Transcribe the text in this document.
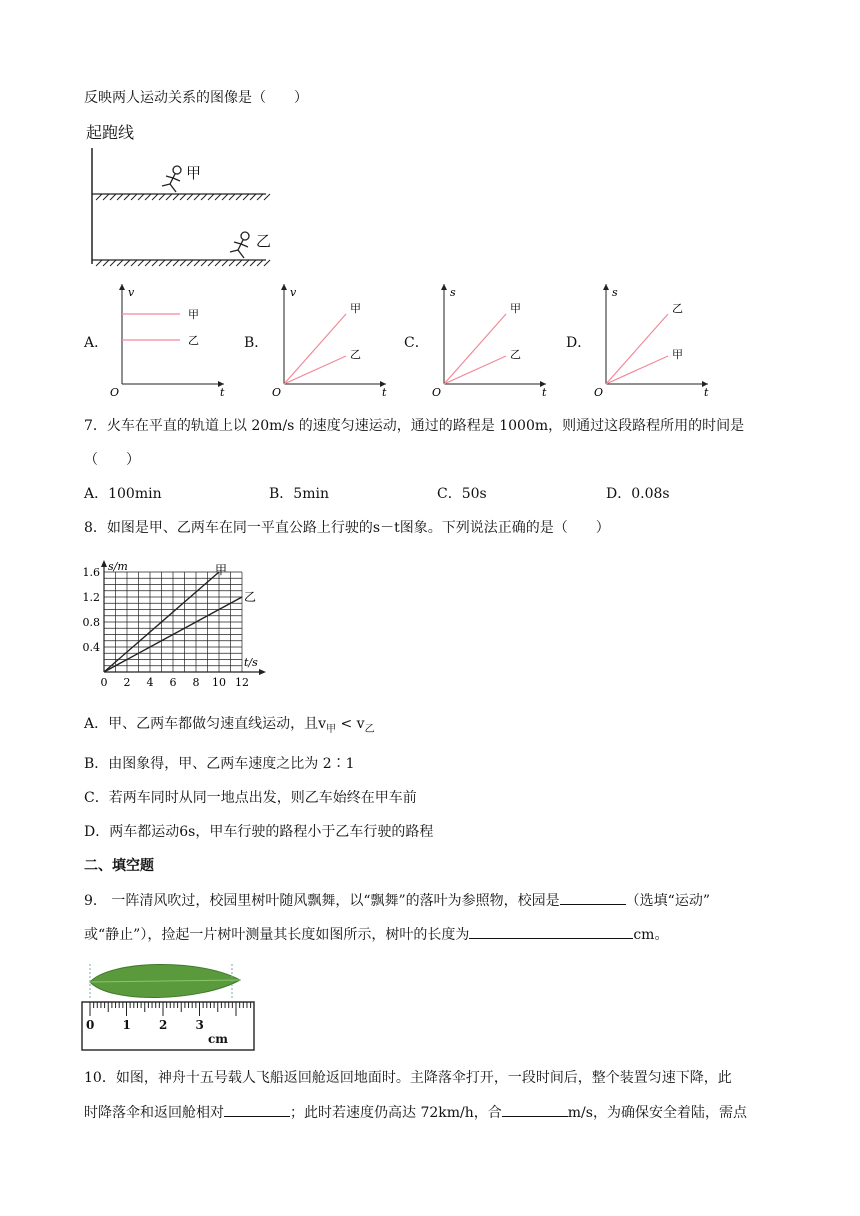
反映两人运动关系的图像是（　　）
起跑线
甲
乙
A．
t
v
O
甲
乙	B．
t
v
O
甲
乙
C．
t
s
O
甲
乙
D．
t
s
O
乙
甲
7．火车在平直的轨道上以 20m/s 的速度匀速运动，通过的路程是 1000m，则通过这段路程所用的时间是
（　　）
A．100min	B．5min	C．50s	D．0.08s
8．如图是甲、乙两车在同一平直公路上行驶的s－t图象。下列说法正确的是（　　）
0 2 4 6 8 10 12
0.4
0.8
1.2
1.6
t/s
s/m	甲
乙
A．甲、乙两车都做匀速直线运动，且$v_甲 < v_乙$
B．由图象得，甲、乙两车速度之比为 2∶1
C．若两车同时从同一地点出发，则乙车始终在甲车前
D．两车都运动6s，甲车行驶的路程小于乙车行驶的路程
二、填空题
9． 一阵清风吹过，校园里树叶随风飘舞，以“飘舞”的落叶为参照物，校园是	（选填“运动”
或“静止”），捡起一片树叶测量其长度如图所示，树叶的长度为	cm。
0 1 2 3
cm
10．如图，神舟十五号载人飞船返回舱返回地面时。主降落伞打开，一段时间后，整个装置匀速下降，此
时降落伞和返回舱相对	；此时若速度仍高达 72km/h，合	m/s，为确保安全着陆，需点
